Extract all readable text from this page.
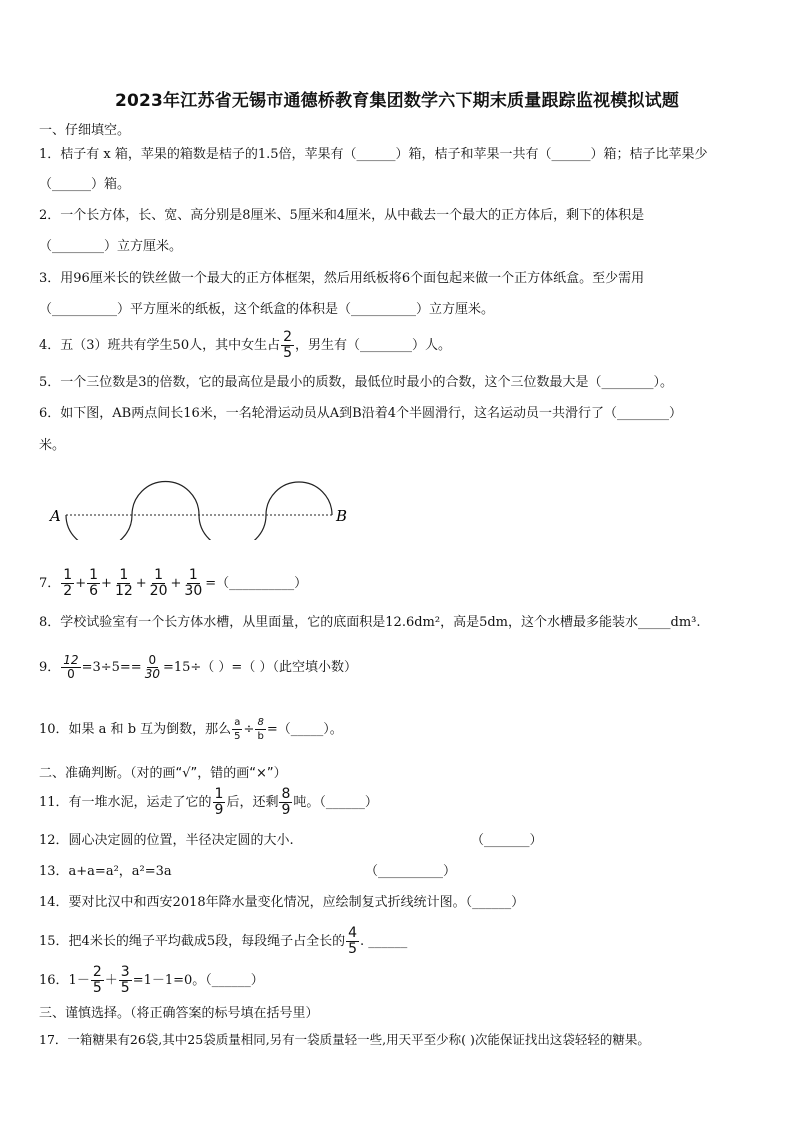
2023年江苏省无锡市通德桥教育集团数学六下期末质量跟踪监视模拟试题
一、仔细填空。
1．桔子有 x 箱，苹果的箱数是桔子的1.5倍，苹果有（______）箱，桔子和苹果一共有（______）箱；桔子比苹果少
（______）箱。
2．一个长方体，长、宽、高分别是8厘米、5厘米和4厘米，从中截去一个最大的正方体后，剩下的体积是
（________）立方厘米。
3．用96厘米长的铁丝做一个最大的正方体框架，然后用纸板将6个面包起来做一个正方体纸盒。至少需用
（__________）平方厘米的纸板，这个纸盒的体积是（__________）立方厘米。
4．五（3）班共有学生50人，其中女生占 $\frac{2}{5}$ ，男生有（________）人。
5．一个三位数是3的倍数，它的最高位是最小的质数，最低位时最小的合数，这个三位数最大是（________）。
6．如下图，AB两点间长16米，一名轮滑运动员从A到B沿着4个半圆滑行，这名运动员一共滑行了（________）
米。
A	B
7． $\frac{1}{2} + \frac{1}{6} + \frac{1}{12} + \frac{1}{20} + \frac{1}{30}$ =（__________）
8．学校试验室有一个长方体水槽，从里面量，它的底面积是12.6dm²，高是5dm，这个水槽最多能装水_____dm³.
9． $\frac{12}{0} =3\div 5== \frac{0}{30} =15\div$（ ）=（ ）（此空填小数）
10．如果 a 和 b 互为倒数，那么 $\frac{a}{5} \div \frac{8}{b}$ =（_____）。
二、准确判断。（对的画“√”，错的画“×”）
11．有一堆水泥，运走了它的 $\frac{1}{9}$ 后，还剩 $\frac{8}{9}$ 吨。（______）
12．圆心决定圆的位置，半径决定圆的大小.	（_______）
13．a+a=a²，a²=3a	（__________）
14．要对比汉中和西安2018年降水量变化情况，应绘制复式折线统计图。（______）
15．把4米长的绳子平均截成5段，每段绳子占全长的 $\frac{4}{5}$ . ______
16．$1- \frac{2}{5} + \frac{3}{5} =1-1=0$。（______）
三、谨慎选择。（将正确答案的标号填在括号里）
17．一箱糖果有26袋,其中25袋质量相同,另有一袋质量轻一些,用天平至少称( )次能保证找出这袋轻轻的糖果。
